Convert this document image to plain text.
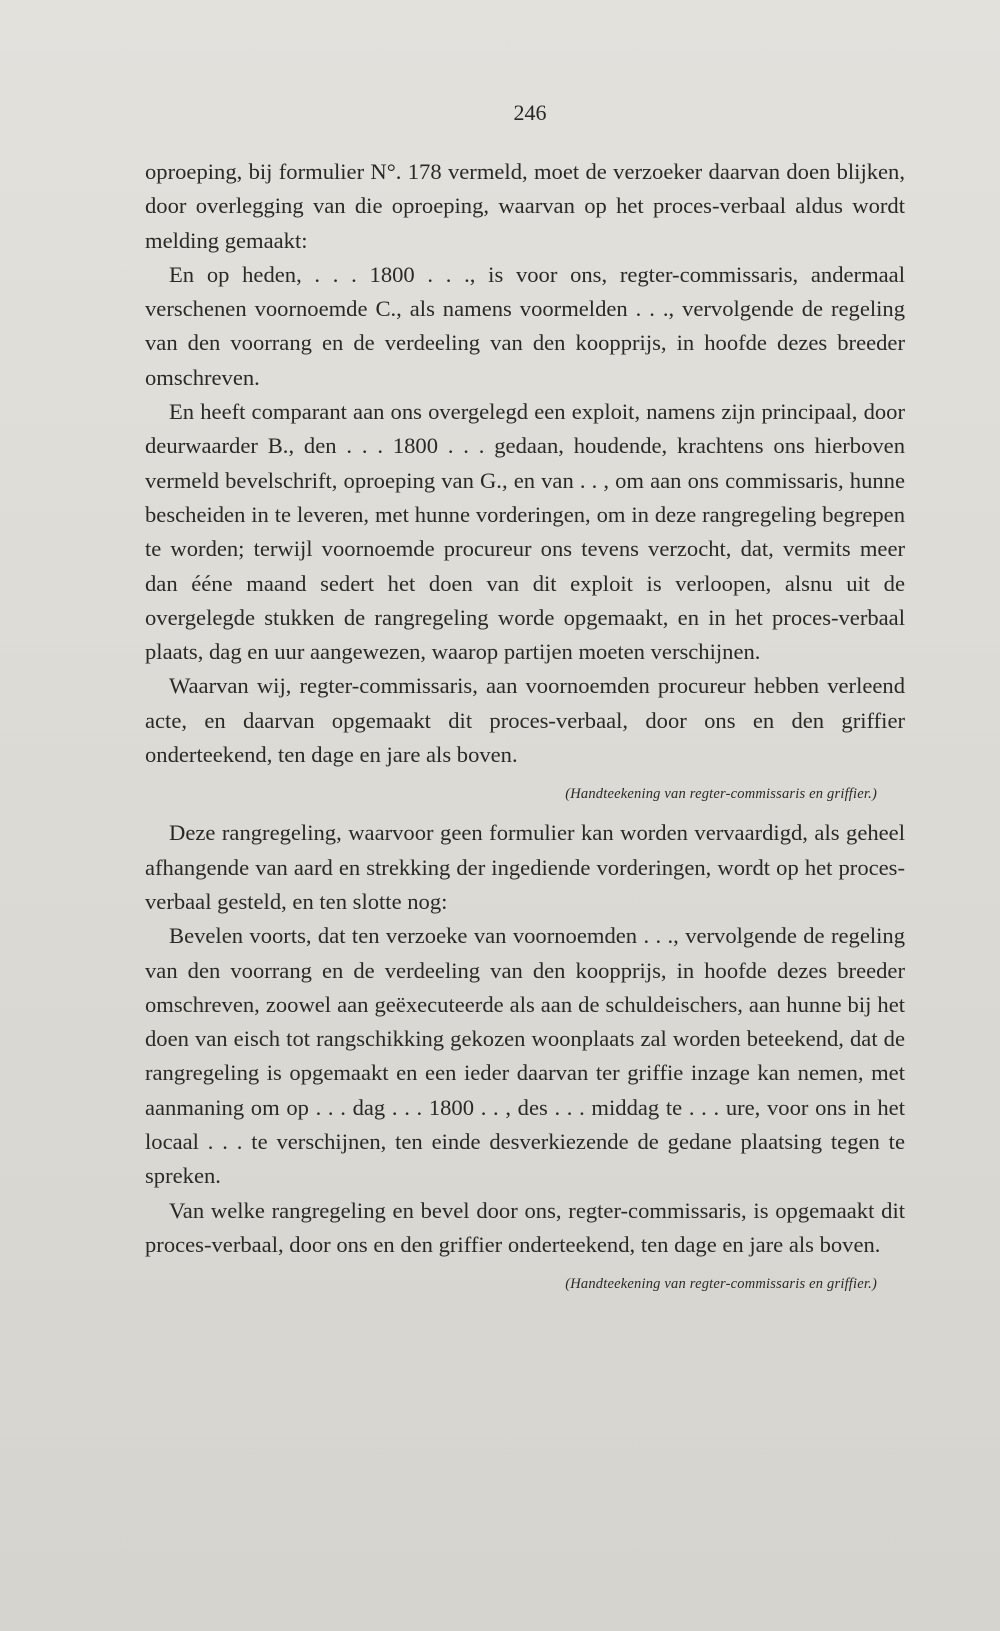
246

oproeping, bij formulier N°. 178 vermeld, moet de verzoeker daarvan doen blijken, door overlegging van die oproeping, waarvan op het proces-verbaal aldus wordt melding gemaakt:

En op heden, . . . 1800 . . ., is voor ons, regter-commissaris, andermaal verschenen voornoemde C., als namens voormelden . . ., vervolgende de regeling van den voorrang en de verdeeling van den koopprijs, in hoofde dezes breeder omschreven.

En heeft comparant aan ons overgelegd een exploit, namens zijn principaal, door deurwaarder B., den . . . 1800 . . . gedaan, houdende, krachtens ons hierboven vermeld bevelschrift, oproeping van G., en van . . , om aan ons commissaris, hunne bescheiden in te leveren, met hunne vorderingen, om in deze rangregeling begrepen te worden; terwijl voornoemde procureur ons tevens verzocht, dat, vermits meer dan ééne maand sedert het doen van dit exploit is verloopen, alsnu uit de overgelegde stukken de rangregeling worde opgemaakt, en in het proces-verbaal plaats, dag en uur aangewezen, waarop partijen moeten verschijnen.

Waarvan wij, regter-commissaris, aan voornoemden procureur hebben verleend acte, en daarvan opgemaakt dit proces-verbaal, door ons en den griffier onderteekend, ten dage en jare als boven.

(Handteekening van regter-commissaris en griffier.)

Deze rangregeling, waarvoor geen formulier kan worden vervaardigd, als geheel afhangende van aard en strekking der ingediende vorderingen, wordt op het proces-verbaal gesteld, en ten slotte nog:

Bevelen voorts, dat ten verzoeke van voornoemden . . ., vervolgende de regeling van den voorrang en de verdeeling van den koopprijs, in hoofde dezes breeder omschreven, zoowel aan geëxecuteerde als aan de schuldeischers, aan hunne bij het doen van eisch tot rangschikking gekozen woonplaats zal worden beteekend, dat de rangregeling is opgemaakt en een ieder daarvan ter griffie inzage kan nemen, met aanmaning om op . . . dag . . . 1800 . . , des . . . middag te . . . ure, voor ons in het locaal . . . te verschijnen, ten einde desverkiezende de gedane plaatsing tegen te spreken.

Van welke rangregeling en bevel door ons, regter-commissaris, is opgemaakt dit proces-verbaal, door ons en den griffier onderteekend, ten dage en jare als boven.

(Handteekening van regter-commissaris en griffier.)
